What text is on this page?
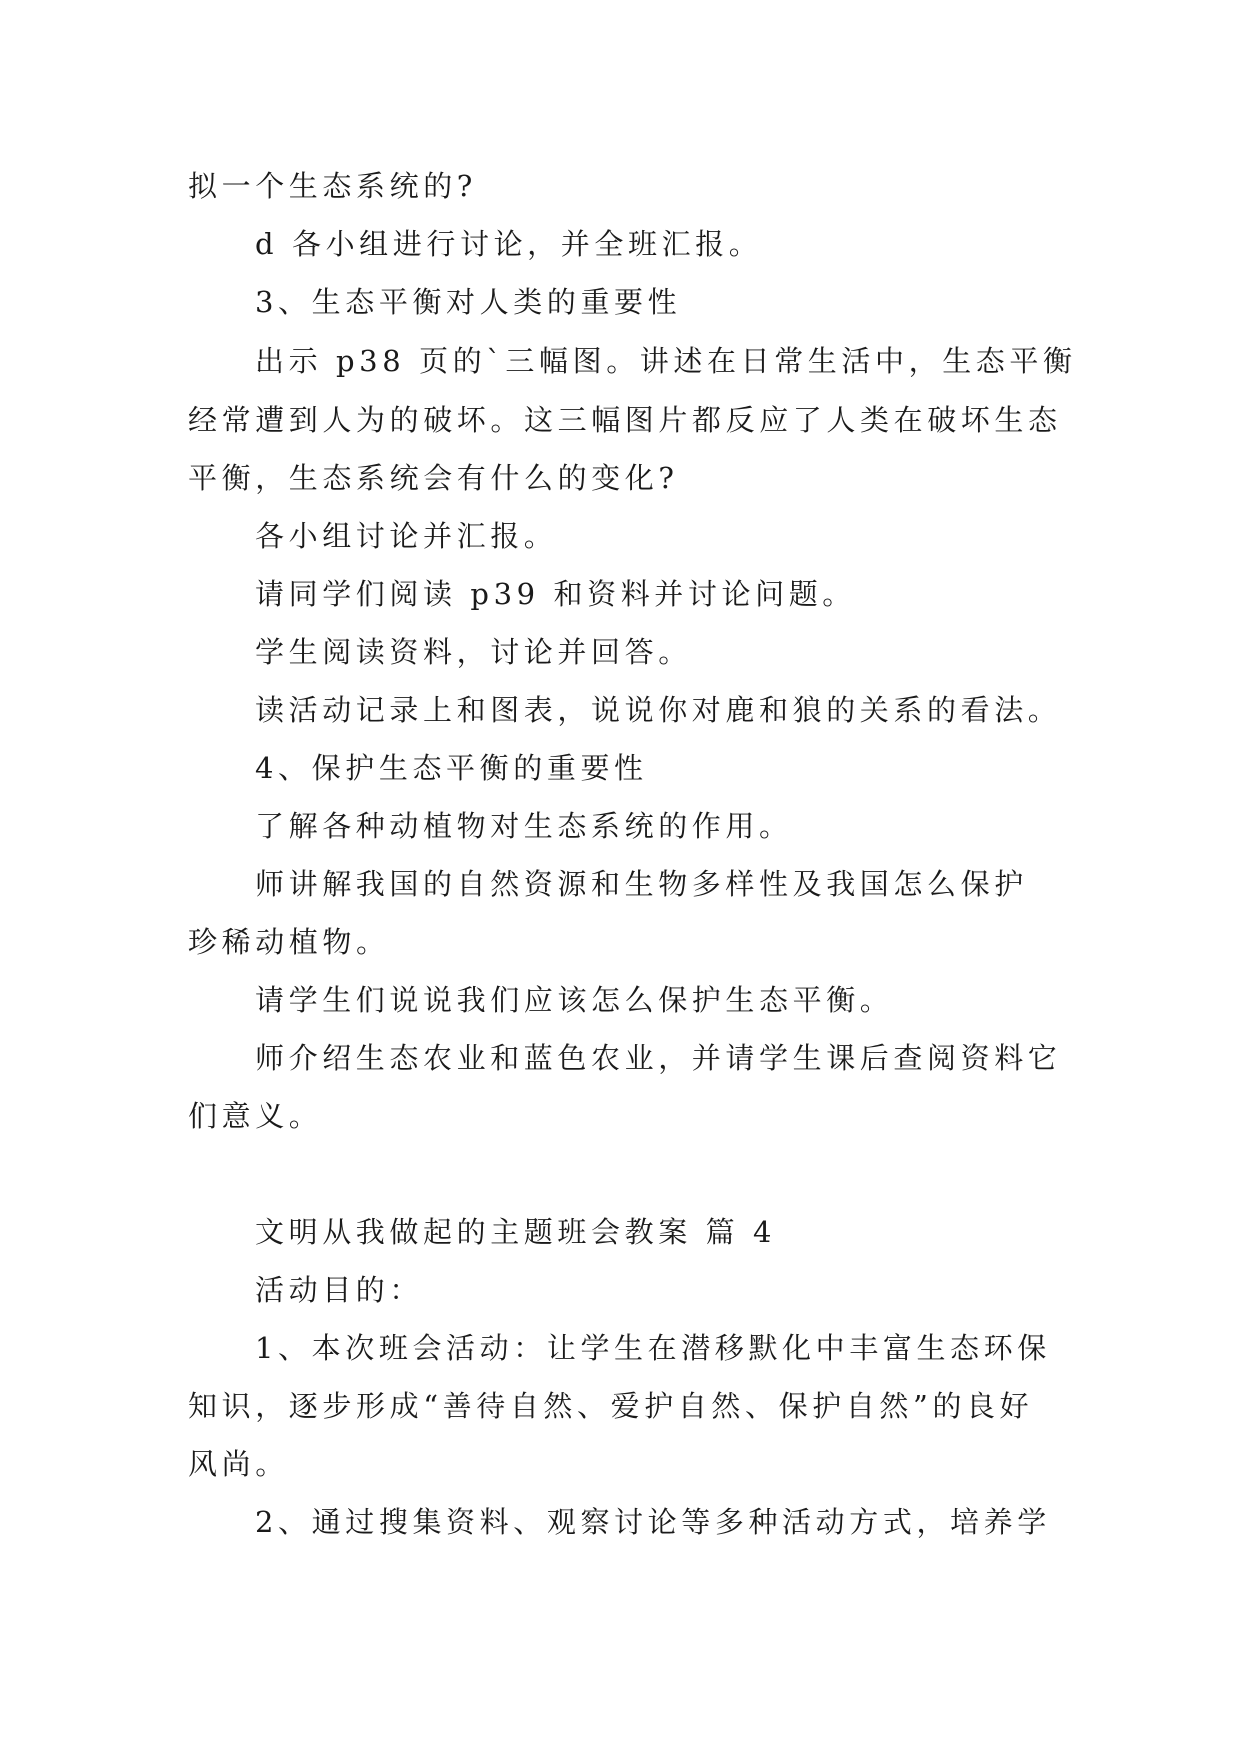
拟一个生态系统的?
d 各小组进行讨论，并全班汇报。
3、生态平衡对人类的重要性
出示 p38 页的`三幅图。讲述在日常生活中，生态平衡
经常遭到人为的破坏。这三幅图片都反应了人类在破坏生态
平衡，生态系统会有什么的变化?
各小组讨论并汇报。
请同学们阅读 p39 和资料并讨论问题。
学生阅读资料，讨论并回答。
读活动记录上和图表，说说你对鹿和狼的关系的看法。
4、保护生态平衡的重要性
了解各种动植物对生态系统的作用。
师讲解我国的自然资源和生物多样性及我国怎么保护
珍稀动植物。
请学生们说说我们应该怎么保护生态平衡。
师介绍生态农业和蓝色农业，并请学生课后查阅资料它
们意义。
文明从我做起的主题班会教案 篇 4
活动目的：
1、本次班会活动：让学生在潜移默化中丰富生态环保
知识，逐步形成“善待自然、爱护自然、保护自然”的良好
风尚。
2、通过搜集资料、观察讨论等多种活动方式，培养学
